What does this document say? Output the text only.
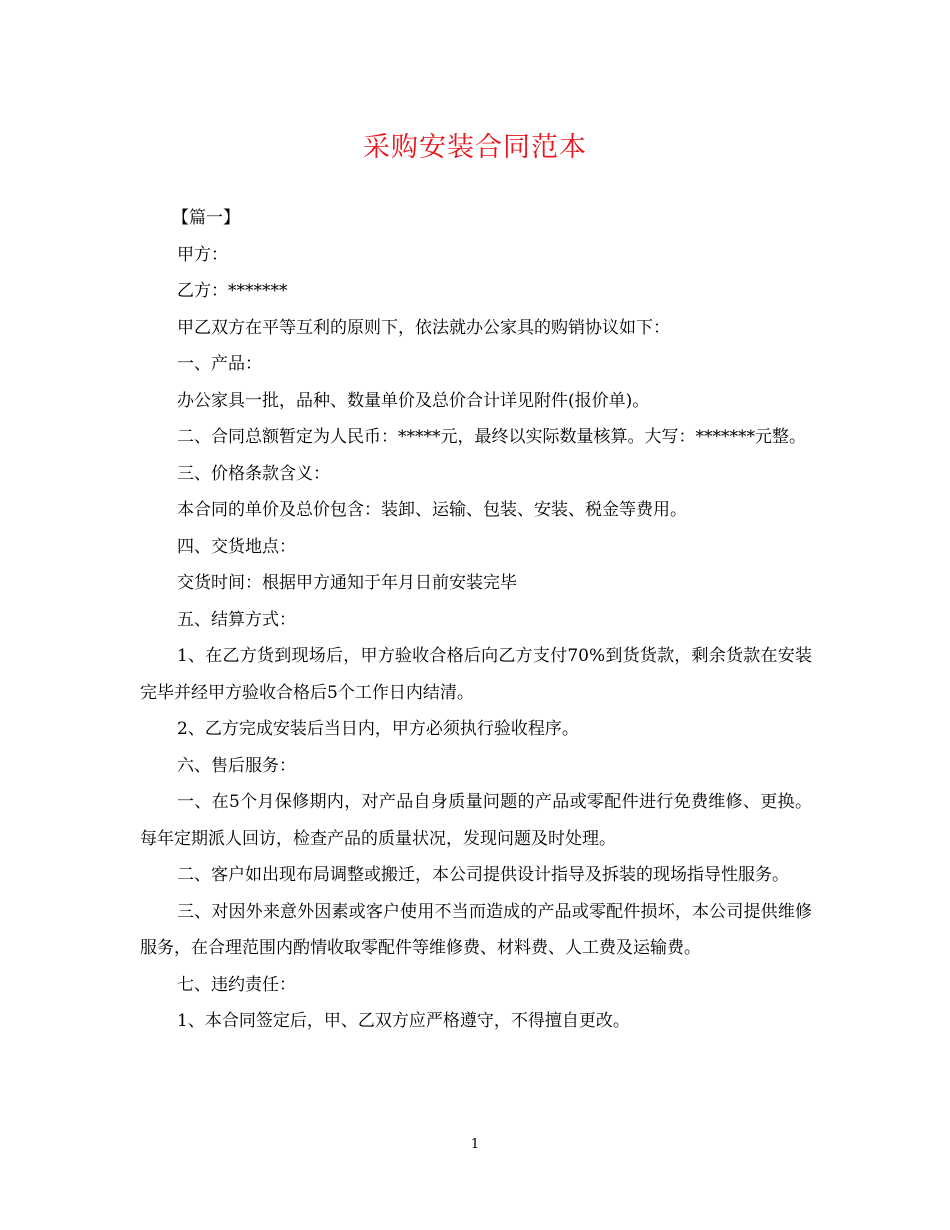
采购安装合同范本

【篇一】

甲方：

乙方：*******

甲乙双方在平等互利的原则下，依法就办公家具的购销协议如下：

一、产品：

办公家具一批，品种、数量单价及总价合计详见附件(报价单)。

二、合同总额暂定为人民币：*****元，最终以实际数量核算。大写：*******元整。

三、价格条款含义：

本合同的单价及总价包含：装卸、运输、包装、安装、税金等费用。

四、交货地点：

交货时间：根据甲方通知于年月日前安装完毕

五、结算方式：

1、在乙方货到现场后，甲方验收合格后向乙方支付70%到货货款，剩余货款在安装完毕并经甲方验收合格后5个工作日内结清。

2、乙方完成安装后当日内，甲方必须执行验收程序。

六、售后服务：

一、在5个月保修期内，对产品自身质量问题的产品或零配件进行免费维修、更换。每年定期派人回访，检查产品的质量状况，发现问题及时处理。

二、客户如出现布局调整或搬迁，本公司提供设计指导及拆装的现场指导性服务。

三、对因外来意外因素或客户使用不当而造成的产品或零配件损坏，本公司提供维修服务，在合理范围内酌情收取零配件等维修费、材料费、人工费及运输费。

七、违约责任：

1、本合同签定后，甲、乙双方应严格遵守，不得擅自更改。

1
